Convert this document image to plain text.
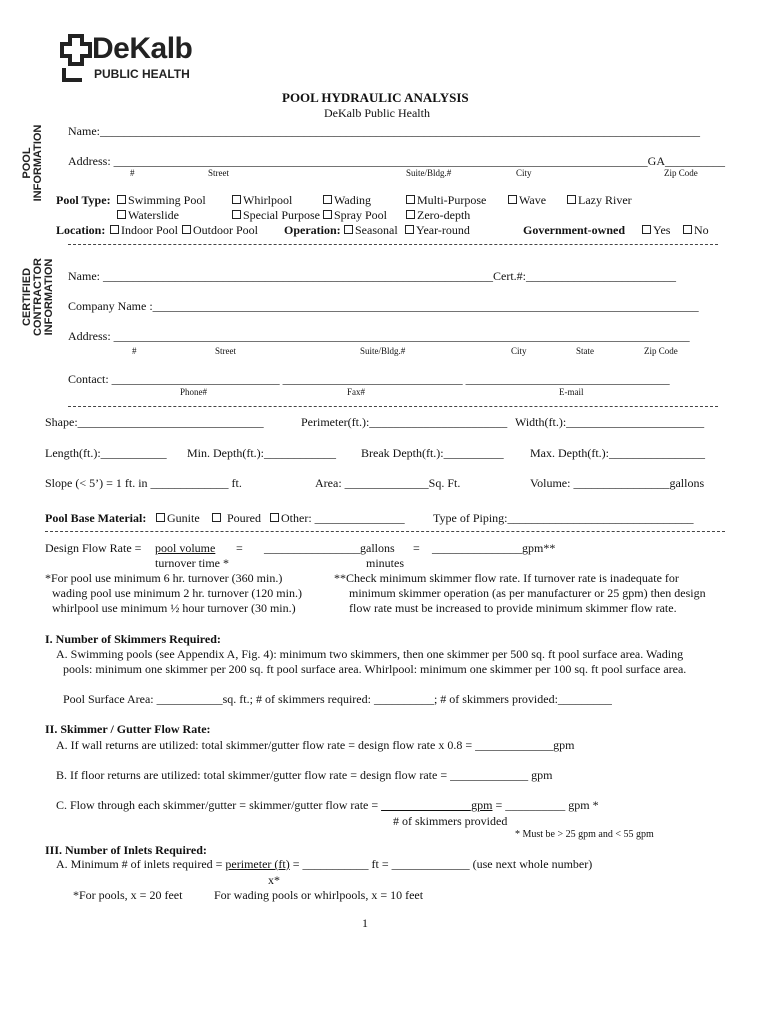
DeKalb
PUBLIC HEALTH
POOL HYDRAULIC ANALYSIS
DeKalb Public Health
POOL INFORMATION
CERTIFIED CONTRACTOR INFORMATION
Name:____________________________________________________________________________________________________
Address: _________________________________________________________________________________________GA__________
#	Street	Suite/Bldg.#	City	Zip Code
Pool Type:	Swimming Pool	Whirlpool	Wading	Multi-Purpose	Wave	Lazy River
Waterslide	Special Purpose	Spray Pool	Zero-depth
Location:	Indoor Pool	Outdoor Pool Operation:	Seasonal	Year-round	Government-owned	Yes	No
Name: _________________________________________________________________Cert.#:_________________________
Company Name :___________________________________________________________________________________________
Address: ________________________________________________________________________________________________
#	Street	Suite/Bldg.#	City	State	Zip Code
Contact: ____________________________ ______________________________ __________________________________
Phone#	Fax#	E-mail
Shape:_______________________________	Perimeter(ft.):_______________________ Width(ft.):_______________________
Length(ft.):___________ Min. Depth(ft.):____________ Break Depth(ft.):__________ Max. Depth(ft.):________________
Slope (< 5’) = 1 ft. in _____________ ft.	Area: ______________Sq. Ft.	Volume: ________________gallons
Pool Base Material:	Gunite	Poured	Other: _______________ Type of Piping:_______________________________
Design Flow Rate = pool volume = ________________gallons = _______________gpm**
turnover time *	minutes
*For pool use minimum 6 hr. turnover (360 min.)
wading pool use minimum 2 hr. turnover (120 min.)
whirlpool use minimum ½ hour turnover (30 min.)
**Check minimum skimmer flow rate. If turnover rate is inadequate for
minimum skimmer operation (as per manufacturer or 25 gpm) then design
flow rate must be increased to provide minimum skimmer flow rate.
I. Number of Skimmers Required:
A. Swimming pools (see Appendix A, Fig. 4): minimum two skimmers, then one skimmer per 500 sq. ft pool surface area. Wading
pools: minimum one skimmer per 200 sq. ft pool surface area. Whirlpool: minimum one skimmer per 100 sq. ft pool surface area.
Pool Surface Area: ___________sq. ft.; # of skimmers required: __________; # of skimmers provided:_________
II. Skimmer / Gutter Flow Rate:
A. If wall returns are utilized: total skimmer/gutter flow rate = design flow rate x 0.8 = _____________gpm
B. If floor returns are utilized: total skimmer/gutter flow rate = design flow rate = _____________ gpm
C. Flow through each skimmer/gutter = skimmer/gutter flow rate = _______________gpm = __________ gpm *
# of skimmers provided
* Must be > 25 gpm and < 55 gpm
III. Number of Inlets Required:
A. Minimum # of inlets required = perimeter (ft) = ___________ ft = _____________ (use next whole number)
x*
*For pools, x = 20 feet	For wading pools or whirlpools, x = 10 feet
1
